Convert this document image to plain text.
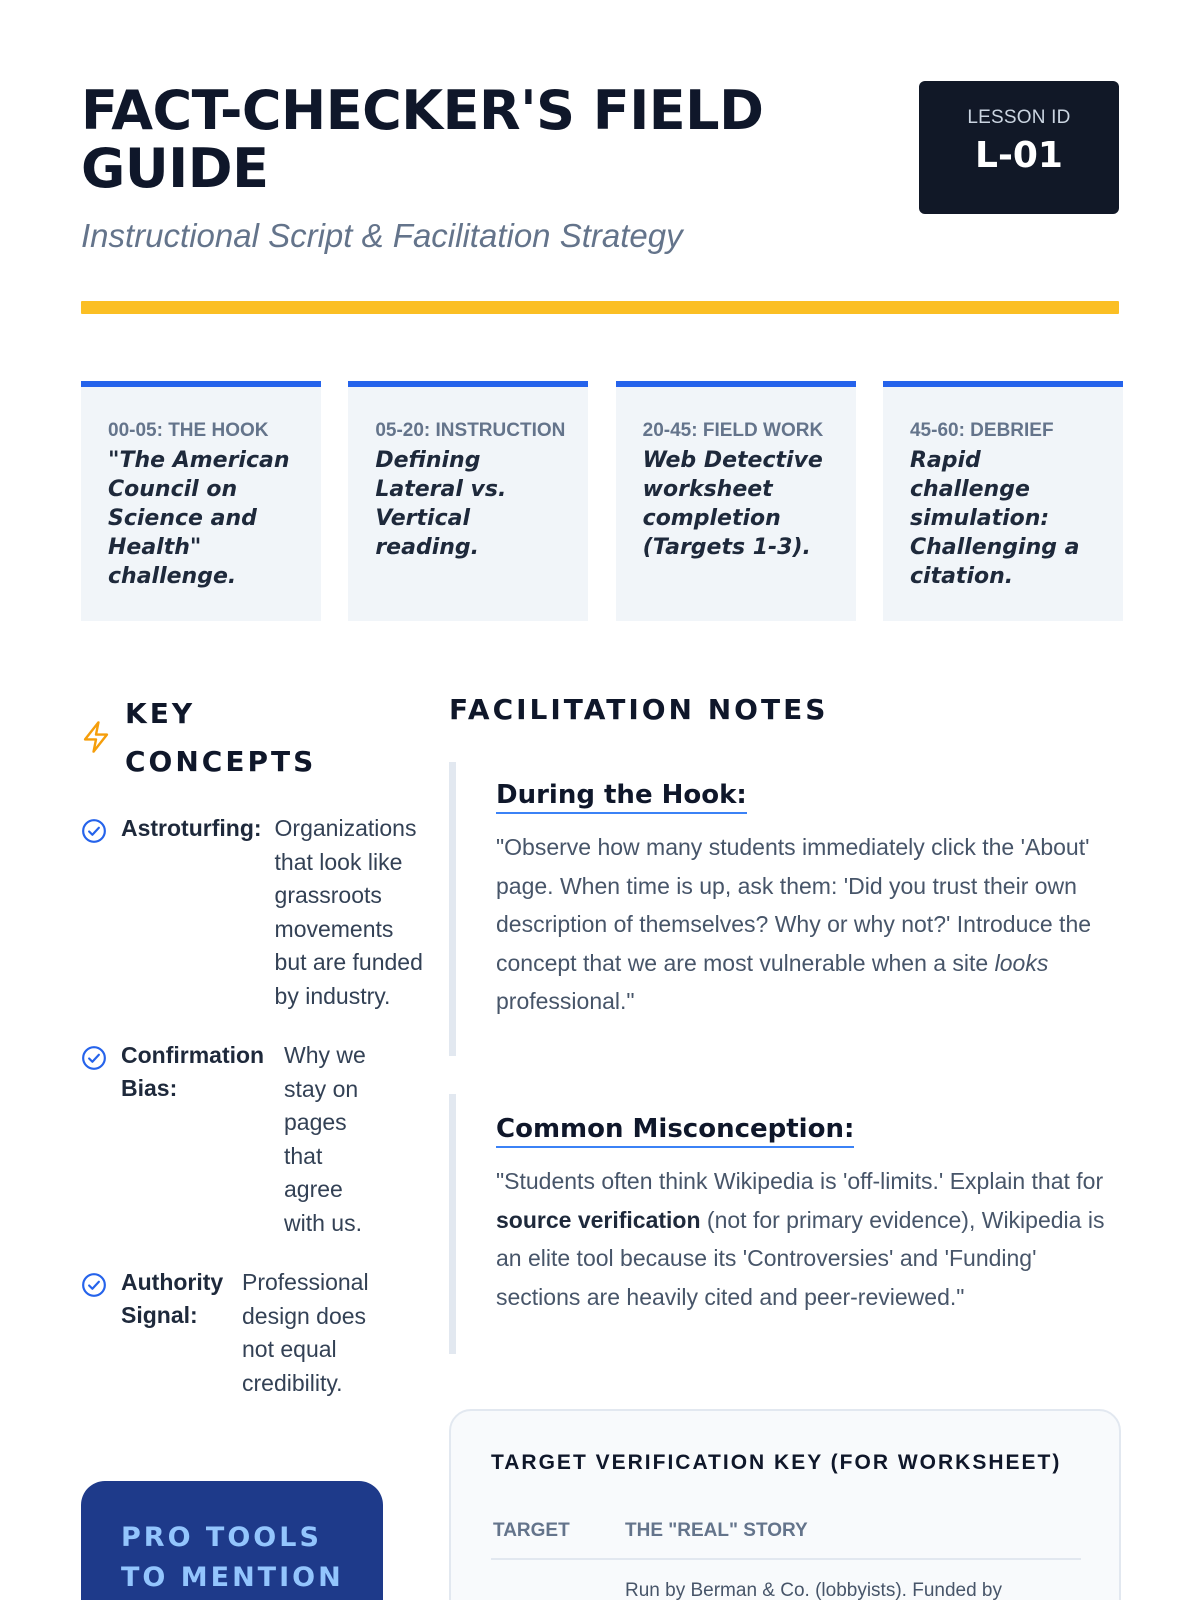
FACT-CHECKER'S FIELD GUIDE

Instructional Script & Facilitation Strategy

LESSON ID
L-01
00-05: THE HOOK
"The American Council on Science and Health" challenge.
05-20: INSTRUCTION
Defining Lateral vs. Vertical reading.
20-45: FIELD WORK
Web Detective worksheet completion (Targets 1-3).
45-60: DEBRIEF
Rapid challenge simulation: Challenging a citation.
KEY CONCEPTS
Astroturfing: Organizations that look like grassroots movements but are funded by industry.
Confirmation Bias:
Why we stay on pages that agree with us.
Authority Signal:
Professional design does not equal credibility.
PRO TOOLS TO MENTION
FACILITATION NOTES
During the Hook:

"Observe how many students immediately click the 'About' page. When time is up, ask them: 'Did you trust their own description of themselves? Why or why not?' Introduce the concept that we are most vulnerable when a site looks professional."

Common Misconception:

"Students often think Wikipedia is 'off-limits.' Explain that for source verification (not for primary evidence), Wikipedia is an elite tool because its 'Controversies' and 'Funding' sections are heavily cited and peer-reviewed."

TARGET VERIFICATION KEY (FOR WORKSHEET)
TARGET	THE "REAL" STORY
	Run by Berman & Co. (lobbyists). Funded by
